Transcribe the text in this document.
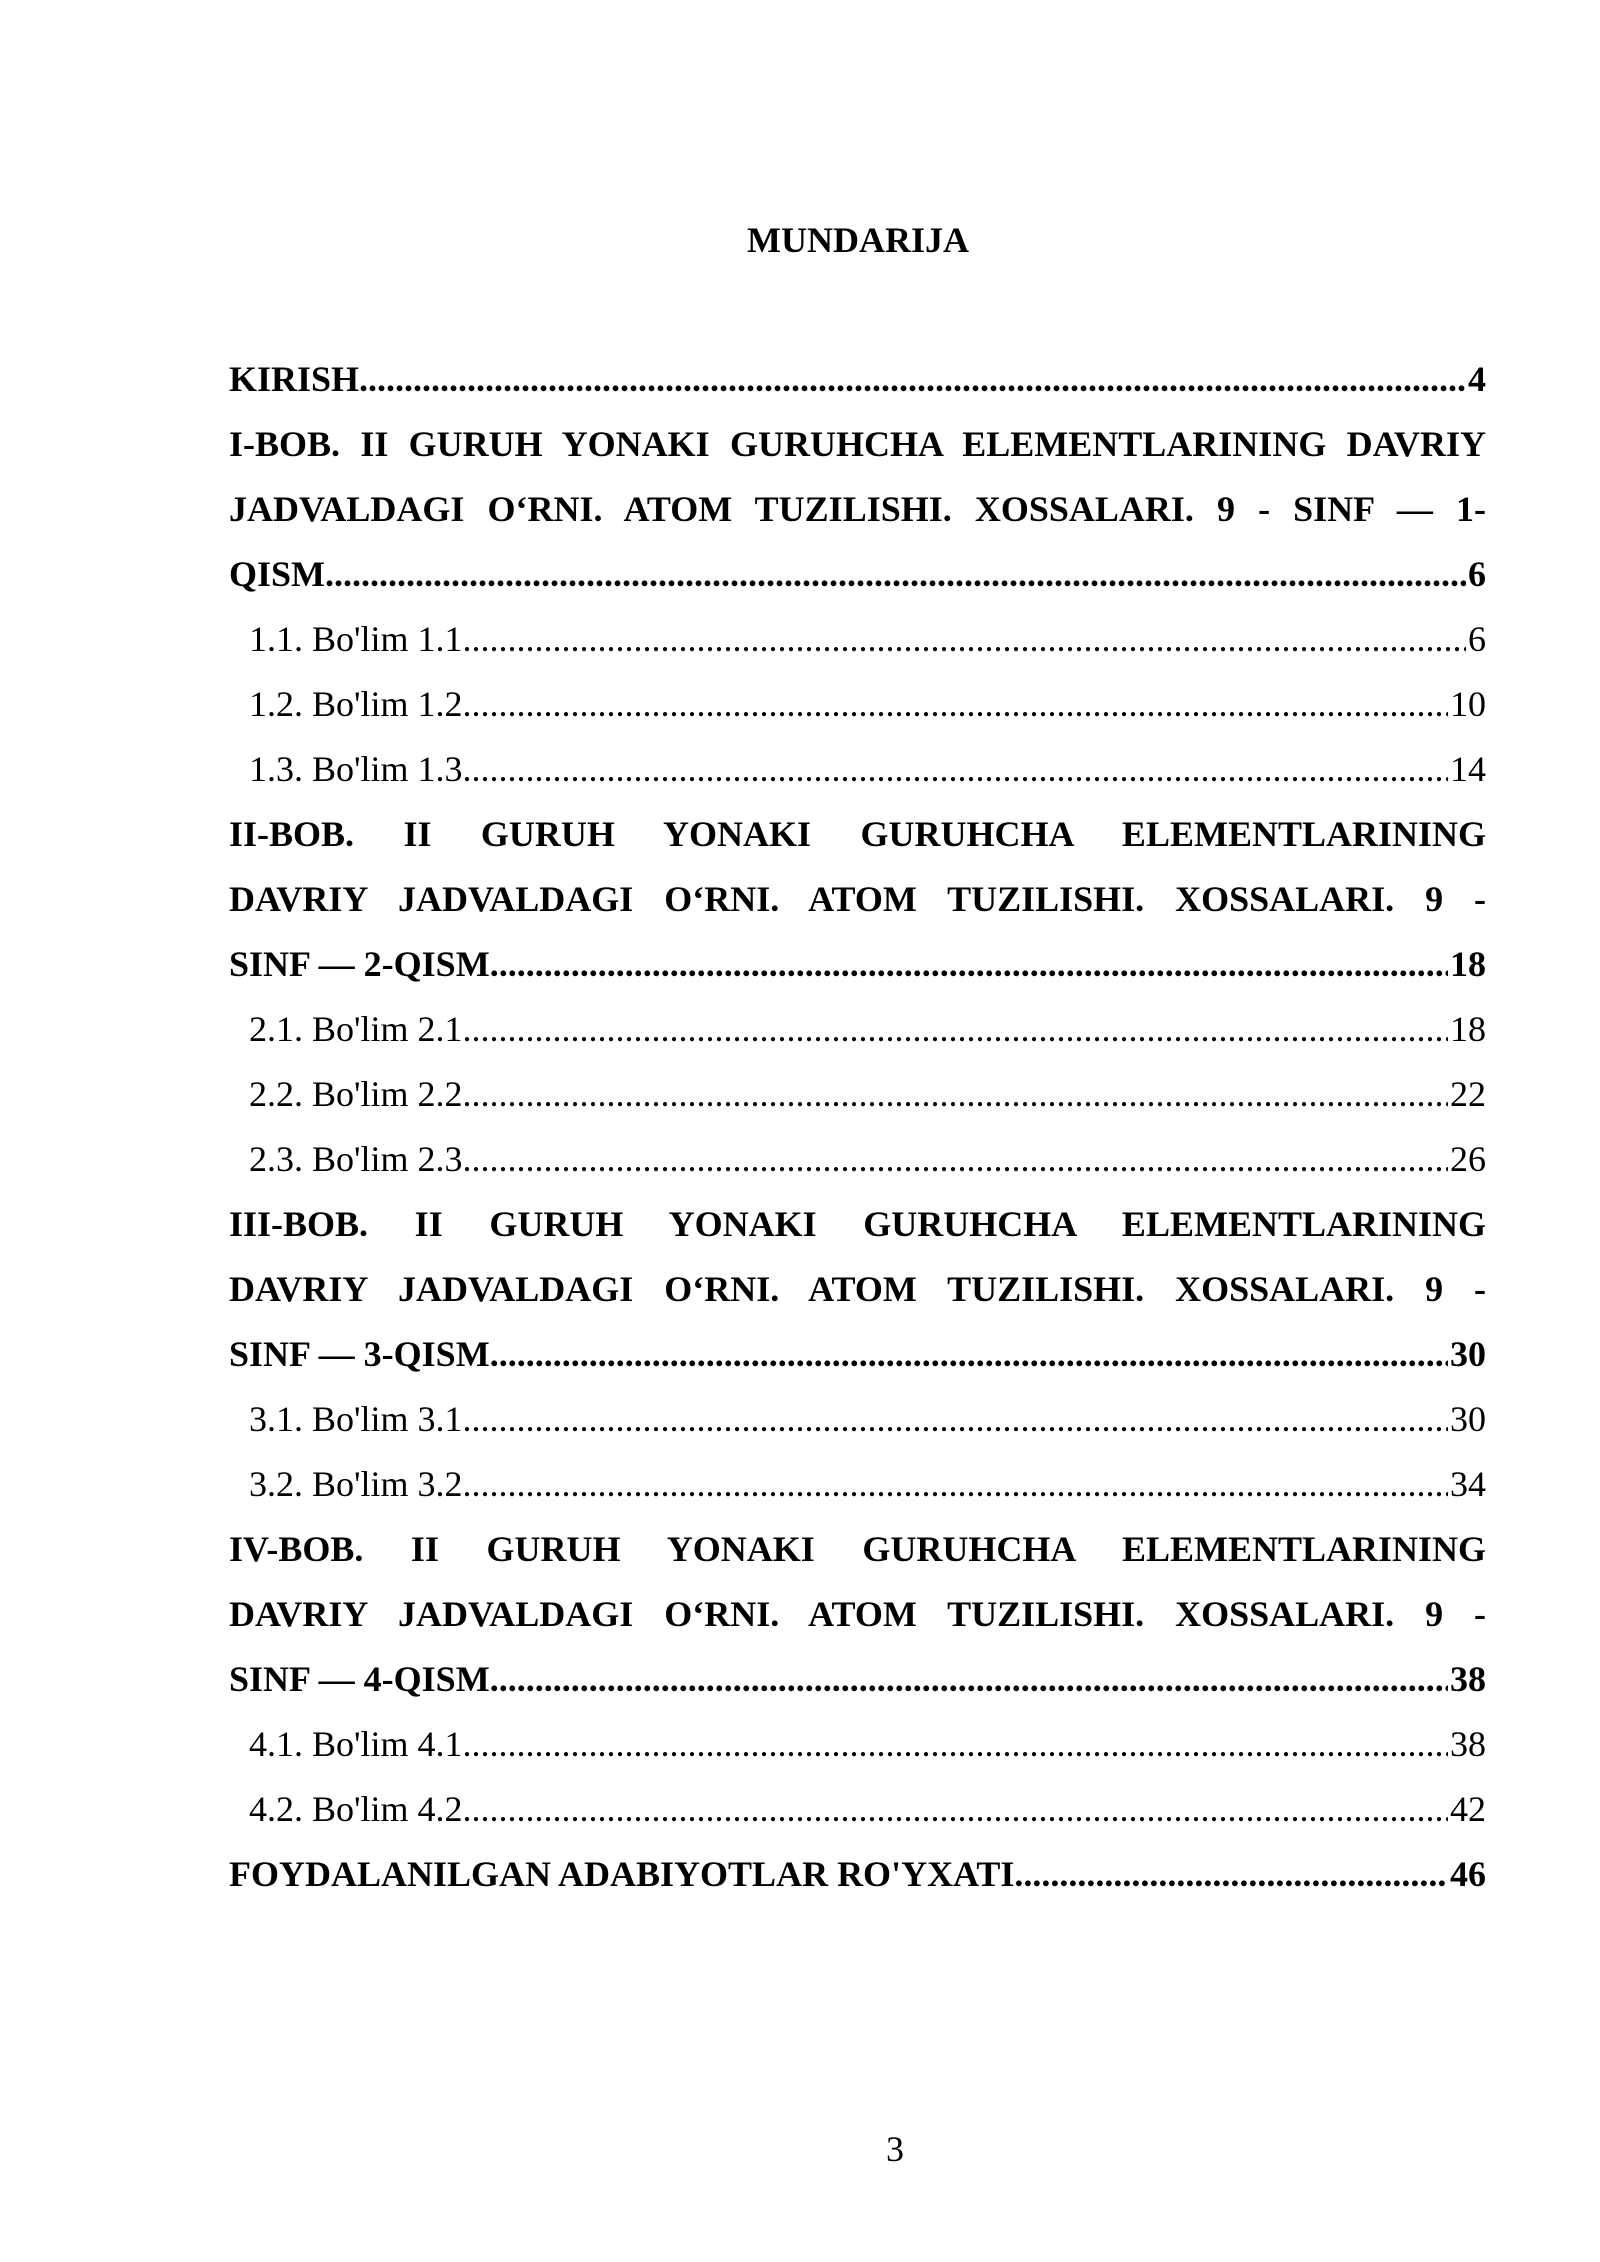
MUNDARIJA
KIRISH .....	4
I-BOB. II GURUH YONAKI GURUHCHA ELEMENTLARINING DAVRIY
JADVALDAGI O‘RNI. ATOM TUZILISHI. XOSSALARI. 9 - SINF — 1-
QISM .....	6
1.1. Bo'lim 1.1 .....	6
1.2. Bo'lim 1.2 .....	10
1.3. Bo'lim 1.3 .....	14
II-BOB. II GURUH YONAKI GURUHCHA ELEMENTLARINING
DAVRIY JADVALDAGI O‘RNI. ATOM TUZILISHI. XOSSALARI. 9 -
SINF — 2-QISM .....	18
2.1. Bo'lim 2.1 .....	18
2.2. Bo'lim 2.2 .....	22
2.3. Bo'lim 2.3 .....	26
III-BOB. II GURUH YONAKI GURUHCHA ELEMENTLARINING
DAVRIY JADVALDAGI O‘RNI. ATOM TUZILISHI. XOSSALARI. 9 -
SINF — 3-QISM .....	30
3.1. Bo'lim 3.1 .....	30
3.2. Bo'lim 3.2 .....	34
IV-BOB. II GURUH YONAKI GURUHCHA ELEMENTLARINING
DAVRIY JADVALDAGI O‘RNI. ATOM TUZILISHI. XOSSALARI. 9 -
SINF — 4-QISM .....	38
4.1. Bo'lim 4.1 .....	38
4.2. Bo'lim 4.2 .....	42
FOYDALANILGAN ADABIYOTLAR RO'YXATI .....	46
3
